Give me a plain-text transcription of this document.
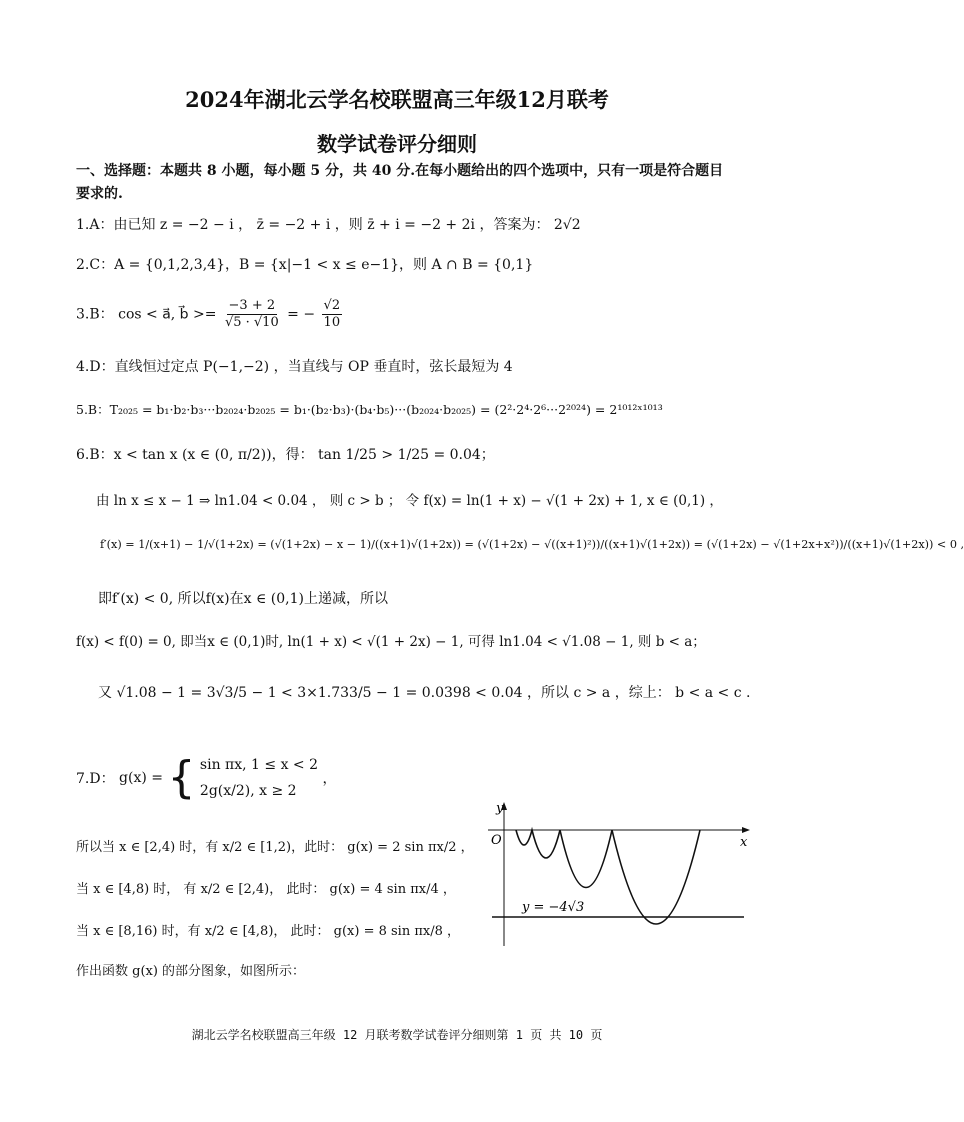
2024年湖北云学名校联盟高三年级12月联考
数学试卷评分细则
一、选择题：本题共 8 小题，每小题 5 分，共 40 分.在每小题给出的四个选项中，只有一项是符合题目要求的.
1.A：由已知 z = −2 − i ， z̄ = −2 + i ，则 z̄ + i = −2 + 2i ，答案为： 2√2
2.C：A = {0,1,2,3,4}，B = {x|−1 < x ≤ e−1}，则 A ∩ B = {0,1}
3.B： cos < a⃗, b⃗ >= $\frac{-3 + 2}{√5 \cdot √10}$ = − $\frac{√2}{10}$
4.D：直线恒过定点 P(−1,−2) ，当直线与 OP 垂直时，弦长最短为 4
5.B：T₂₀₂₅ = b₁·b₂·b₃···b₂₀₂₄·b₂₀₂₅ = b₁·(b₂·b₃)·(b₄·b₅)···(b₂₀₂₄·b₂₀₂₅) = (2²·2⁴·2⁶···2²⁰²⁴) = 2¹⁰¹²ˣ¹⁰¹³
6.B：x < tan x (x ∈ (0, π/2))，得： tan 1/25 > 1/25 = 0.04；
由 ln x ≤ x − 1 ⇒ ln1.04 < 0.04 ， 则 c > b ； 令 f(x) = ln(1 + x) − √(1 + 2x) + 1, x ∈ (0,1) ，
f′(x) = 1/(x+1) − 1/√(1+2x) = (√(1+2x) − x − 1)/((x+1)√(1+2x)) = (√(1+2x) − √((x+1)²))/((x+1)√(1+2x)) = (√(1+2x) − √(1+2x+x²))/((x+1)√(1+2x)) < 0 ,
即f′(x) < 0, 所以f(x)在x ∈ (0,1)上递减，所以
f(x) < f(0) = 0, 即当x ∈ (0,1)时, ln(1 + x) < √(1 + 2x) − 1, 可得 ln1.04 < √1.08 − 1, 则 b < a；
又 √1.08 − 1 = 3√3/5 − 1 < 3×1.733/5 − 1 = 0.0398 < 0.04 ，所以 c > a ，综上： b < a < c .
7.D： g(x) = { sin πx, 1 ≤ x < 2
2g(x/2), x ≥ 2 ，
所以当 x ∈ [2,4) 时，有 x/2 ∈ [1,2)，此时： g(x) = 2 sin πx/2 ，
当 x ∈ [4,8) 时， 有 x/2 ∈ [2,4)， 此时： g(x) = 4 sin πx/4 ，
当 x ∈ [8,16) 时，有 x/2 ∈ [4,8)， 此时： g(x) = 8 sin πx/8 ，
作出函数 g(x) 的部分图象，如图所示：
y
x
O
y = −4√3
湖北云学名校联盟高三年级 12 月联考数学试卷评分细则第 1 页 共 10 页
